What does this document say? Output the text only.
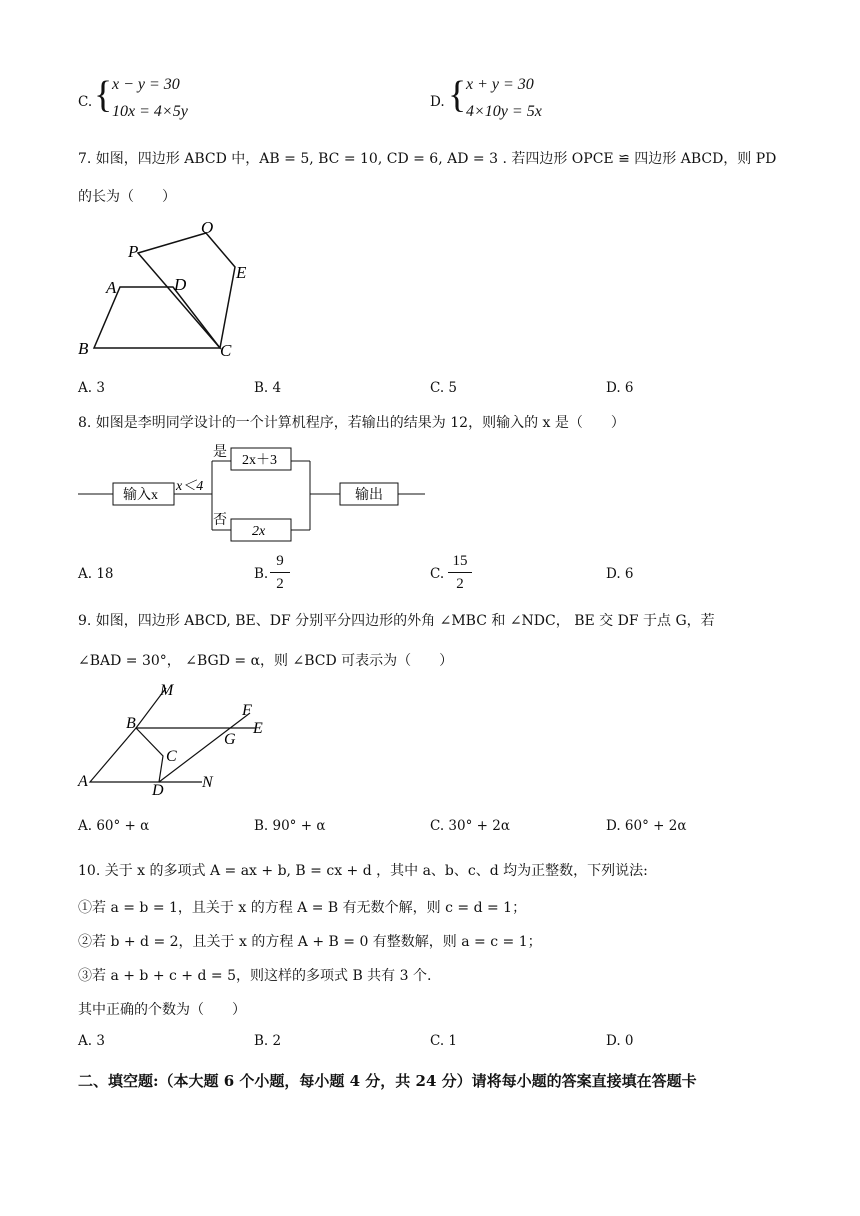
C. { x − y = 30
10x = 4×5y
D. { x + y = 30
4×10y = 5x
7. 如图，四边形 ABCD 中，AB = 5, BC = 10, CD = 6, AD = 3 . 若四边形 OPCE ≌ 四边形 ABCD，则 PD
的长为（　　）
P
O
E
A	D
B	C
A. 3	B. 4	C. 5	D. 6
8. 如图是李明同学设计的一个计算机程序，若输出的结果为 12，则输入的 x 是（　　）
输入x
x＜4
是
否
2x＋3
2x
输出
A. 18	B.
9
2
C.
15
2
D. 6
9. 如图，四边形 ABCD, BE、DF 分别平分四边形的外角 ∠MBC 和 ∠NDC， BE 交 DF 于点 G，若
∠BAD = 30°， ∠BGD = α，则 ∠BCD 可表示为（　　）
M
F
B	E
G
C
A
D N
A. 60° + α	B. 90° + α	C. 30° + 2α	D. 60° + 2α
10. 关于 x 的多项式 A = ax + b, B = cx + d ，其中 a、b、c、d 均为正整数，下列说法:
①若 a = b = 1，且关于 x 的方程 A = B 有无数个解，则 c = d = 1；
②若 b + d = 2，且关于 x 的方程 A + B = 0 有整数解，则 a = c = 1；
③若 a + b + c + d = 5，则这样的多项式 B 共有 3 个.
其中正确的个数为（　　）
A. 3	B. 2	C. 1	D. 0
二、填空题:（本大题 6 个小题，每小题 4 分，共 24 分）请将每小题的答案直接填在答题卡
